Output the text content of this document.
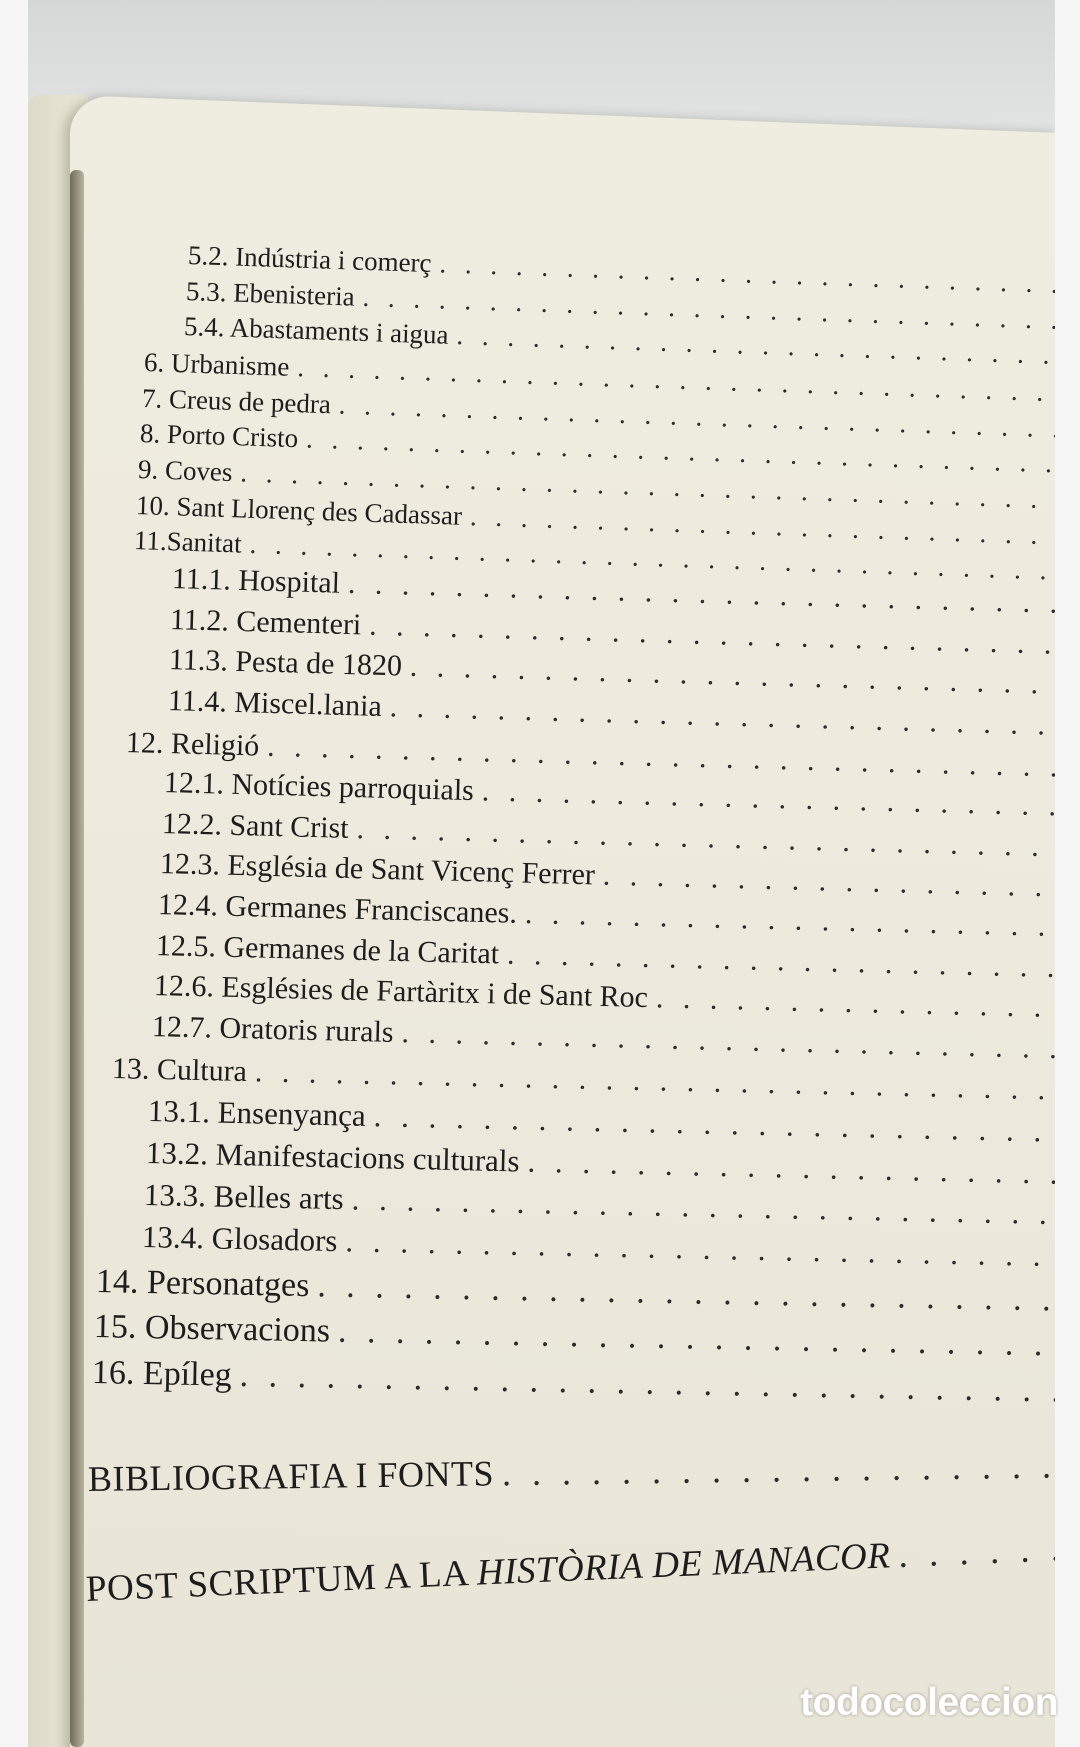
5.2. Indústria i comerç
. . .
5.3. Ebenisteria
. . .
5.4. Abastaments i aigua
. . .
6. Urbanisme
. . .
7. Creus de pedra
. . .
8. Porto Cristo
. . .
9. Coves
. . .
10. Sant Llorenç des Cadassar
. . .
11.Sanitat
. . .
11.1. Hospital
. . .
11.2. Cementeri
. . .
11.3. Pesta de 1820
. . .
11.4. Miscel.lania
. . .
12. Religió
. . .
12.1. Notícies parroquials
. . .
12.2. Sant Crist
. . .
12.3. Església de Sant Vicenç Ferrer
. . .
12.4. Germanes Franciscanes.
. . .
12.5. Germanes de la Caritat
. . .
12.6. Esglésies de Fartàritx i de Sant Roc
. . .
12.7. Oratoris rurals
. . .
13. Cultura
. . .
13.1. Ensenyança
. . .
13.2. Manifestacions culturals
. . .
13.3. Belles arts
. . .
13.4. Glosadors
. . .
14. Personatges
. . .
15. Observacions
. . .
16. Epíleg
. . .
BIBLIOGRAFIA I FONTS
. . .
POST SCRIPTUM A LA HISTÒRIA DE MANACOR
. . .
todocoleccion
